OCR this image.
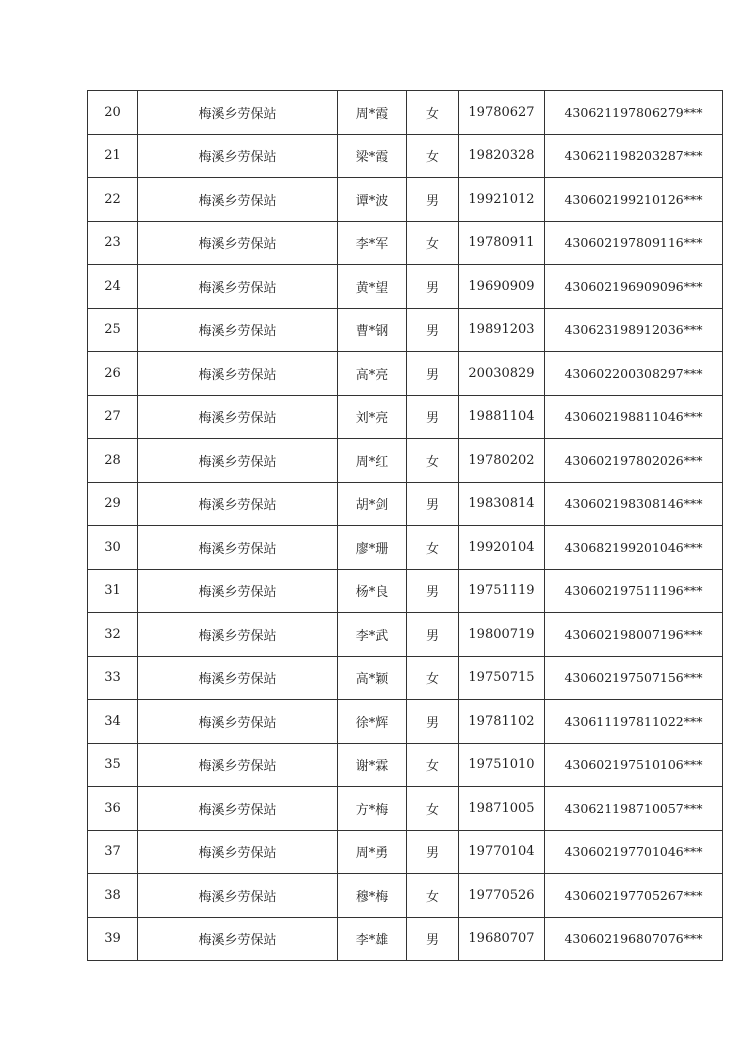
20	梅溪乡劳保站	周*霞	女	19780627	430621197806279***
21	梅溪乡劳保站	梁*霞	女	19820328	430621198203287***
22	梅溪乡劳保站	谭*波	男	19921012	430602199210126***
23	梅溪乡劳保站	李*军	女	19780911	430602197809116***
24	梅溪乡劳保站	黄*望	男	19690909	430602196909096***
25	梅溪乡劳保站	曹*钢	男	19891203	430623198912036***
26	梅溪乡劳保站	高*亮	男	20030829	430602200308297***
27	梅溪乡劳保站	刘*亮	男	19881104	430602198811046***
28	梅溪乡劳保站	周*红	女	19780202	430602197802026***
29	梅溪乡劳保站	胡*剑	男	19830814	430602198308146***
30	梅溪乡劳保站	廖*珊	女	19920104	430682199201046***
31	梅溪乡劳保站	杨*良	男	19751119	430602197511196***
32	梅溪乡劳保站	李*武	男	19800719	430602198007196***
33	梅溪乡劳保站	高*颖	女	19750715	430602197507156***
34	梅溪乡劳保站	徐*辉	男	19781102	430611197811022***
35	梅溪乡劳保站	谢*霖	女	19751010	430602197510106***
36	梅溪乡劳保站	方*梅	女	19871005	430621198710057***
37	梅溪乡劳保站	周*勇	男	19770104	430602197701046***
38	梅溪乡劳保站	穆*梅	女	19770526	430602197705267***
39	梅溪乡劳保站	李*雄	男	19680707	430602196807076***
